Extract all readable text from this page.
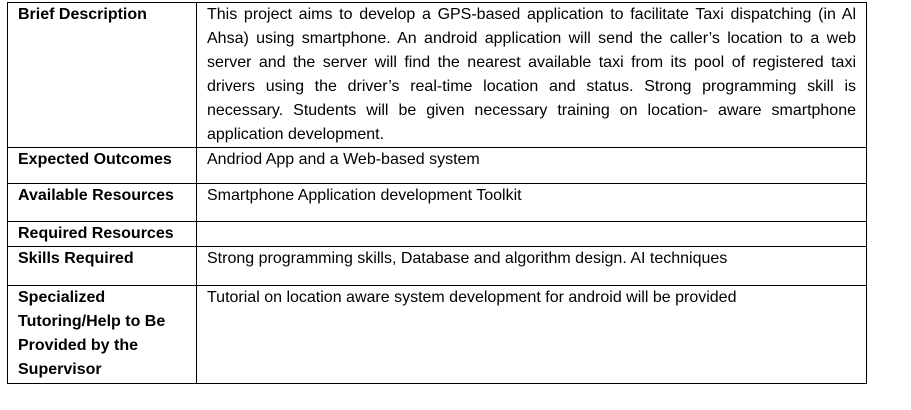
Brief Description	This project aims to develop a GPS-based application to facilitate Taxi dispatching (in Al Ahsa) using smartphone. An android application will send the caller’s location to a web server and the server will find the nearest available taxi from its pool of registered taxi drivers using the driver’s real-time location and status. Strong programming skill is necessary. Students will be given necessary training on location- aware smartphone application development.
Expected Outcomes	Andriod App and a Web-based system
Available Resources	Smartphone Application development Toolkit
Required Resources	
Skills Required	Strong programming skills, Database and algorithm design. AI techniques
Specialized Tutoring/Help to Be Provided by the Supervisor	Tutorial on location aware system development for android will be provided
